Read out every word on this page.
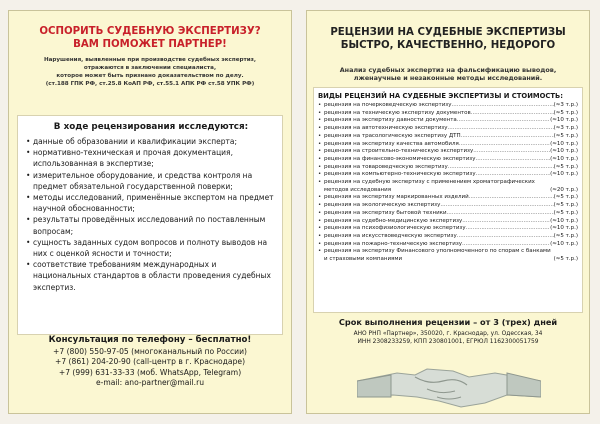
ОСПОРИТЬ СУДЕБНУЮ ЭКСПЕРТИЗУ?
ВАМ ПОМОЖЕТ ПАРТНЕР!
Нарушения, выявленные при производстве судебных экспертиз,
отражаются в заключении специалиста,
которое может быть признано доказательством по делу.
(ст.188 ГПК РФ, ст.25.8 КоАП РФ, ст.55.1 АПК РФ ст.58 УПК РФ)
В ходе рецензирования исследуются:
• данные об образовании и квалификации эксперта;
• нормативно-техническая и прочая документация, использованная в экспертизе;
• измерительное оборудование, и средства контроля на предмет обязательной государственной поверки;
• методы исследований, применённые экспертом на предмет научной обоснованности;
• результаты проведённых исследований по поставленным вопросам;
• сущность заданных судом вопросов и полноту выводов на них с оценкой ясности и точности;
• соответствие требованиям международных и национальных стандартов в области проведения судебных экспертиз.
Консультация по телефону – бесплатно!
+7 (800) 550-97-05 (многоканальный по России)
+7 (861) 204-20-90 (call-центр в г. Краснодаре)
+7 (999) 631-33-33 (моб. WhatsApp, Telegram)
e-mail: ano-partner@mail.ru
РЕЦЕНЗИИ НА СУДЕБНЫЕ ЭКСПЕРТИЗЫ
БЫСТРО, КАЧЕСТВЕННО, НЕДОРОГО
Анализ судебных экспертиз на фальсификацию выводов,
лженаучные и незаконные методы исследований.
ВИДЫ РЕЦЕНЗИЙ НА СУДЕБНЫЕ ЭКСПЕРТИЗЫ И СТОИМОСТЬ:
• рецензия на почерковедческую экспертизу .....	(≈3 т.р.)
• рецензия на техническую экспертизу документов .....	(≈5 т.р.)
• рецензия на экспертизу давности документа .....	(≈10 т.р.)
• рецензия на автотехническую экспертизу .....	(≈3 т.р.)
• рецензия на трасологическую экспертизу ДТП .....	(≈5 т.р.)
• рецензия на экспертизу качества автомобиля .....	(≈10 т.р.)
• рецензия на строительно-техническую экспертизу .....	(≈10 т.р.)
• рецензия на финансово-экономическую экспертизу .....	(≈10 т.р.)
• рецензия на товароведческую экспертизу .....	(≈5 т.р.)
• рецензия на компьютерно-техническую экспертизу .....	(≈10 т.р.)
• рецензия на судебную экспертизу с применением хроматографических методов исследования	(≈20 т.р.)
• рецензия на экспертизу маркированных изделий .....	(≈5 т.р.)
• рецензия на экологическую экспертизу .....	(≈5 т.р.)
• рецензия на экспертизу бытовой техники .....	(≈5 т.р.)
• рецензия на судебно-медицинскую экспертизу .....	(≈10 т.р.)
• рецензия на психофизиологическую экспертизу .....	(≈10 т.р.)
• рецензия на искусствоведческую экспертизу .....	(≈5 т.р.)
• рецензия на пожарно-техническую экспертизу .....	(≈10 т.р.)
• рецензия на экспертизу Финансового уполномоченного по спорам с банками и страховыми компаниями	(≈5 т.р.)
Срок выполнения рецензии – от 3 (трех) дней
АНО РНП «Партнер», 350020, г. Краснодар, ул. Одесская, 34
ИНН 2308233259, КПП 230801001, ЕГРЮЛ 1162300051759
